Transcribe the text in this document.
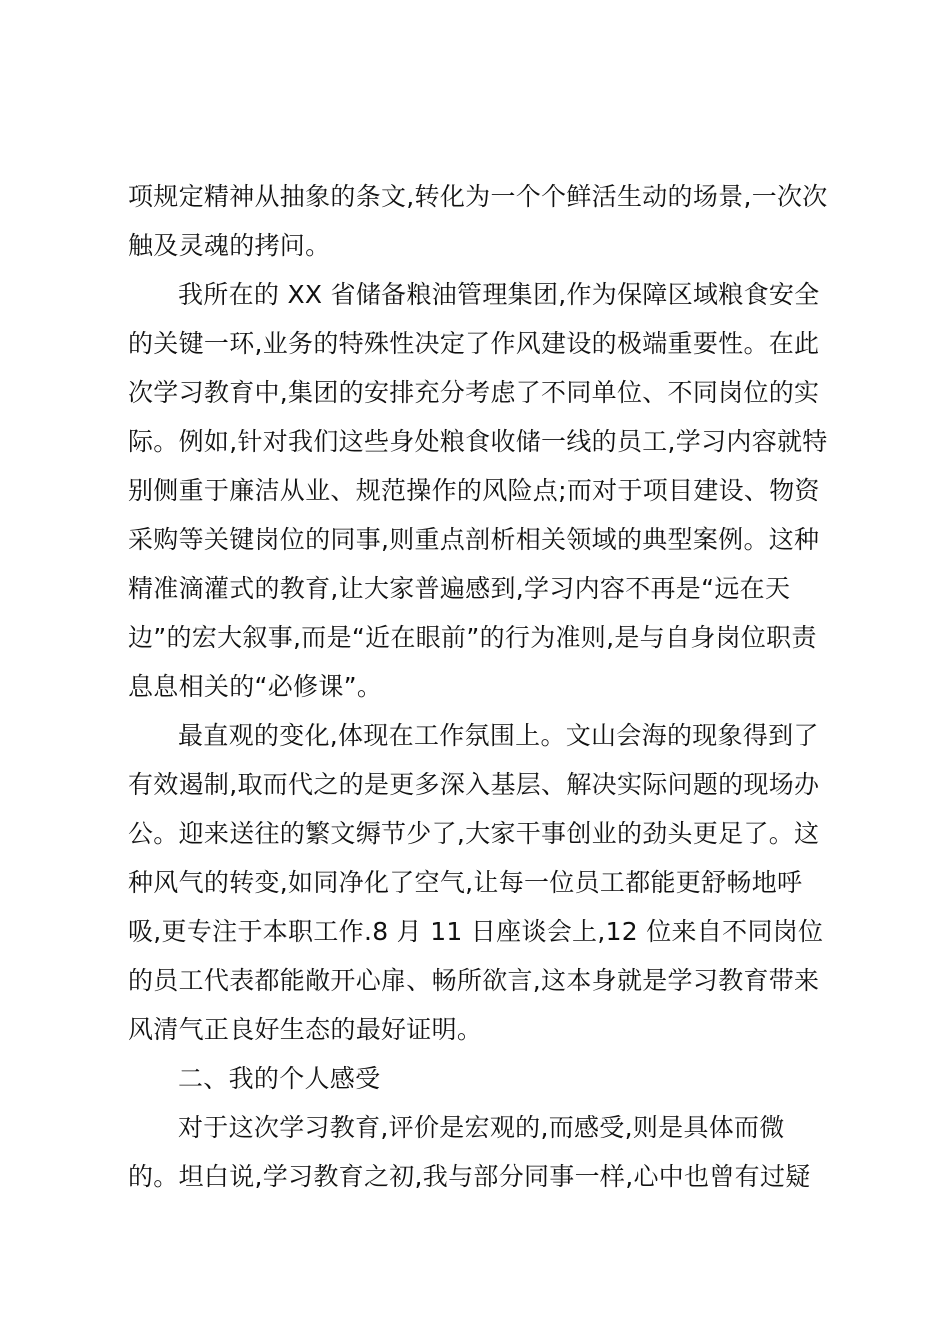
项规定精神从抽象的条文,转化为一个个鲜活生动的场景,一次次
触及灵魂的拷问。
我所在的 XX 省储备粮油管理集团,作为保障区域粮食安全
的关键一环,业务的特殊性决定了作风建设的极端重要性。在此
次学习教育中,集团的安排充分考虑了不同单位、不同岗位的实
际。例如,针对我们这些身处粮食收储一线的员工,学习内容就特
别侧重于廉洁从业、规范操作的风险点;而对于项目建设、物资
采购等关键岗位的同事,则重点剖析相关领域的典型案例。这种
精准滴灌式的教育,让大家普遍感到,学习内容不再是“远在天
边”的宏大叙事,而是“近在眼前”的行为准则,是与自身岗位职责
息息相关的“必修课”。
最直观的变化,体现在工作氛围上。文山会海的现象得到了
有效遏制,取而代之的是更多深入基层、解决实际问题的现场办
公。迎来送往的繁文缛节少了,大家干事创业的劲头更足了。这
种风气的转变,如同净化了空气,让每一位员工都能更舒畅地呼
吸,更专注于本职工作.8 月 11 日座谈会上,12 位来自不同岗位
的员工代表都能敞开心扉、畅所欲言,这本身就是学习教育带来
风清气正良好生态的最好证明。
二、我的个人感受
对于这次学习教育,评价是宏观的,而感受,则是具体而微
的。坦白说,学习教育之初,我与部分同事一样,心中也曾有过疑
